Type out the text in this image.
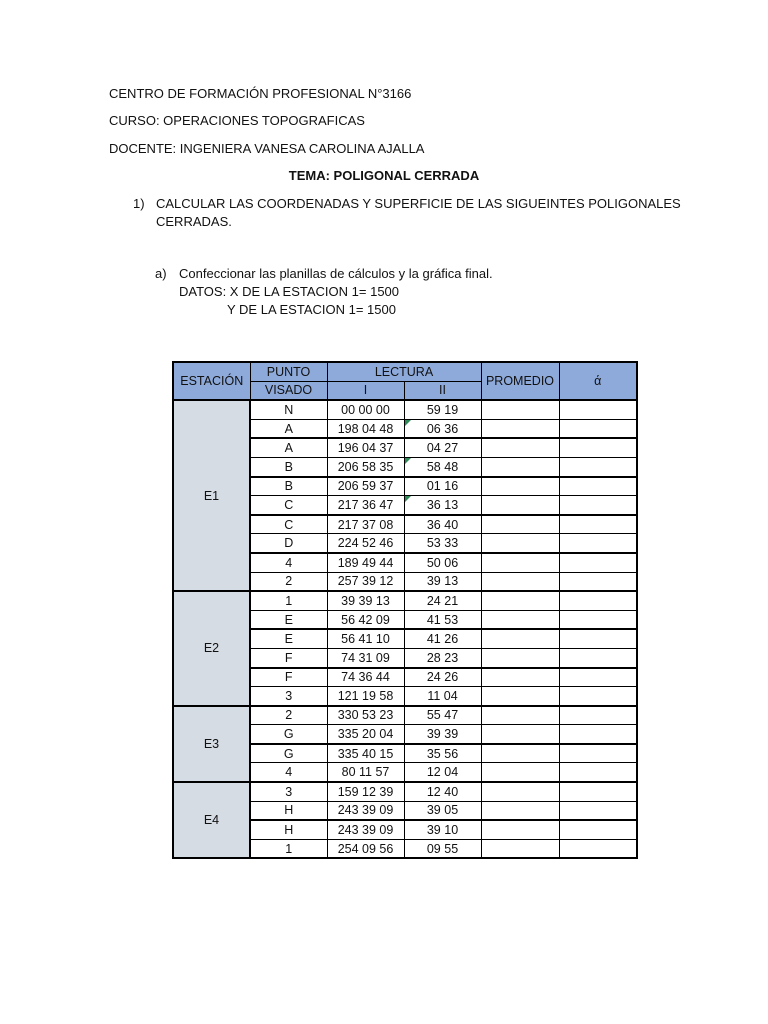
CENTRO DE FORMACIÓN PROFESIONAL N°3166
CURSO: OPERACIONES TOPOGRAFICAS
DOCENTE: INGENIERA VANESA CAROLINA AJALLA
TEMA: POLIGONAL CERRADA
1) CALCULAR LAS COORDENADAS Y SUPERFICIE DE LAS SIGUEINTES POLIGONALES
CERRADAS.
a) Confeccionar las planillas de cálculos y la gráfica final.
DATOS: X DE LA ESTACION 1= 1500
Y DE LA ESTACION 1= 1500
ESTACIÓN	PUNTO	LECTURA		PROMEDIO	ά
	VISADO	I	II		
E1	N	00 00 00	59 19		
	A	198 04 48	06 36		
	A	196 04 37	04 27		
	B	206 58 35	58 48		
	B	206 59 37	01 16		
	C	217 36 47	36 13		
	C	217 37 08	36 40		
	D	224 52 46	53 33		
	4	189 49 44	50 06		
	2	257 39 12	39 13		
E2	1	39 39 13	24 21		
	E	56 42 09	41 53		
	E	56 41 10	41 26		
	F	74 31 09	28 23		
	F	74 36 44	24 26		
	3	121 19 58	11 04		
E3	2	330 53 23	55 47		
	G	335 20 04	39 39		
	G	335 40 15	35 56		
	4	80 11 57	12 04		
E4	3	159 12 39	12 40		
	H	243 39 09	39 05		
	H	243 39 09	39 10		
	1	254 09 56	09 55		
